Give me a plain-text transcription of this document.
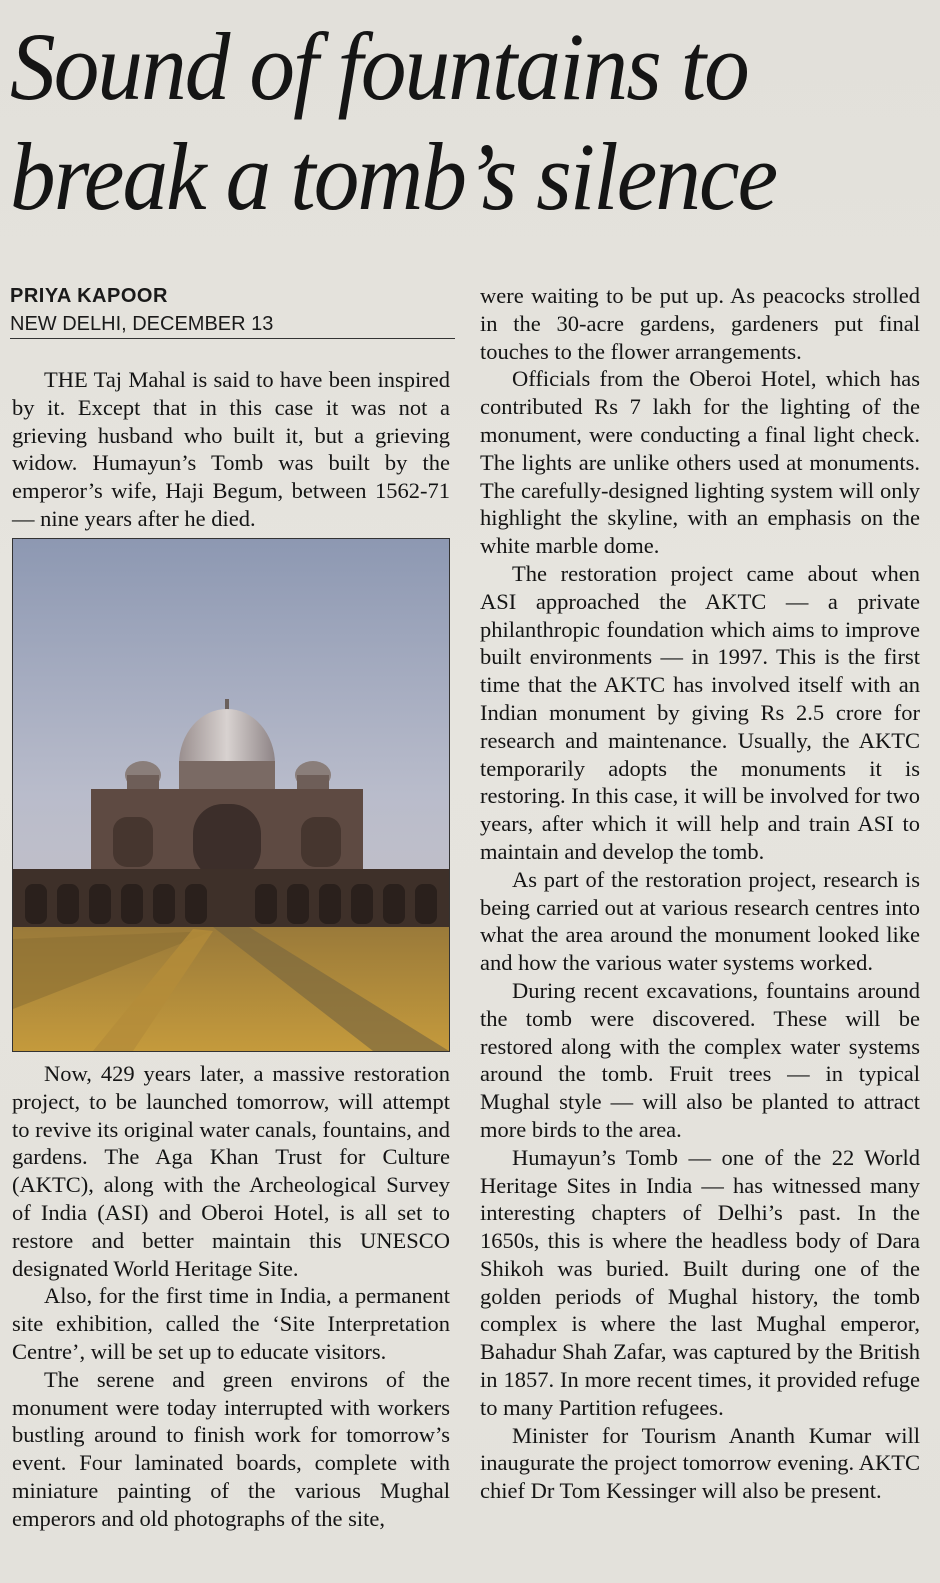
Sound of fountains to
break a tomb’s silence
PRIYA KAPOOR
NEW DELHI, DECEMBER 13

THE Taj Mahal is said to have been inspired by it. Except that in this case it was not a grieving husband who built it, but a grieving widow. Humayun’s Tomb was built by the emperor’s wife, Haji Begum, between 1562-71 — nine years after he died.

Now, 429 years later, a massive restoration project, to be launched tomorrow, will attempt to revive its original water canals, fountains, and gardens. The Aga Khan Trust for Culture (AKTC), along with the Archeological Survey of India (ASI) and Oberoi Hotel, is all set to restore and better maintain this UNESCO designated World Heritage Site.

Also, for the first time in India, a permanent site exhibition, called the ‘Site Interpretation Centre’, will be set up to educate visitors.

The serene and green environs of the monument were today interrupted with workers bustling around to finish work for tomorrow’s event. Four laminated boards, complete with miniature painting of the various Mughal emperors and old photographs of the site,

were waiting to be put up. As peacocks strolled in the 30-acre gardens, gardeners put final touches to the flower arrangements.

Officials from the Oberoi Hotel, which has contributed Rs 7 lakh for the lighting of the monument, were conducting a final light check. The lights are unlike others used at monuments. The carefully-designed lighting system will only highlight the skyline, with an emphasis on the white marble dome.

The restoration project came about when ASI approached the AKTC — a private philanthropic foundation which aims to improve built environments — in 1997. This is the first time that the AKTC has involved itself with an Indian monument by giving Rs 2.5 crore for research and maintenance. Usually, the AKTC temporarily adopts the monuments it is restoring. In this case, it will be involved for two years, after which it will help and train ASI to maintain and develop the tomb.

As part of the restoration project, research is being carried out at various research centres into what the area around the monument looked like and how the various water systems worked.

During recent excavations, fountains around the tomb were discovered. These will be restored along with the complex water systems around the tomb. Fruit trees — in typical Mughal style — will also be planted to attract more birds to the area.

Humayun’s Tomb — one of the 22 World Heritage Sites in India — has witnessed many interesting chapters of Delhi’s past. In the 1650s, this is where the headless body of Dara Shikoh was buried. Built during one of the golden periods of Mughal history, the tomb complex is where the last Mughal emperor, Bahadur Shah Zafar, was captured by the British in 1857. In more recent times, it provided refuge to many Partition refugees.

Minister for Tourism Ananth Kumar will inaugurate the project tomorrow evening. AKTC chief Dr Tom Kessinger will also be present.
